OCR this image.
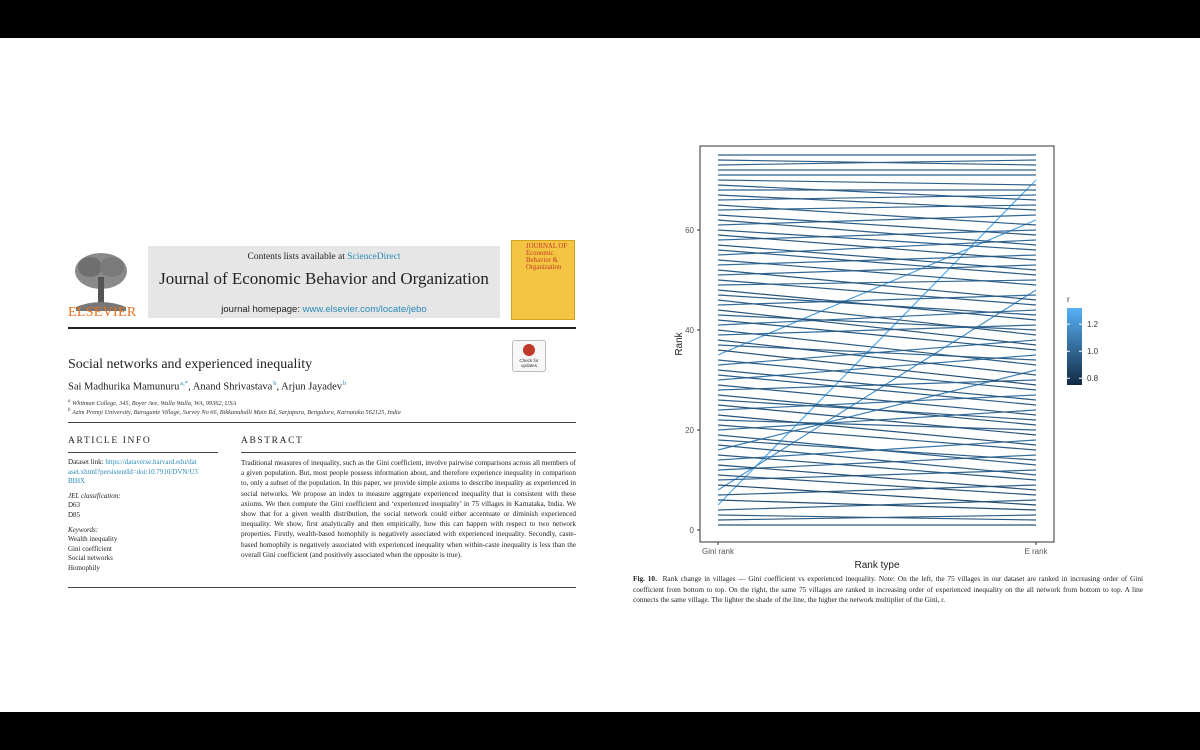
ELSEVIER
Contents lists available at ScienceDirect
Journal of Economic Behavior and Organization
journal homepage: www.elsevier.com/locate/jebo
JOURNAL OF Economic Behavior & Organization
Check for updates
Social networks and experienced inequality
Sai Madhurika Mamunuru $^{a,*}$, Anand Shrivastava $^b$, Arjun Jayadev $^b$
$^a$ Whitman College, 345, Boyer Ave, Walla Walla, WA, 99362, USA
$^b$ Azim Premji University, Burugunte Village, Survey No 66, Bikkanahalli Main Rd, Sarjapura, Bengaluru, Karnataka 562125, India
ARTICLE INFO	ABSTRACT
Dataset link: https://dataverse.harvard.edu/dat
aset.xhtml?persistentId=doi:10.7910/DVN/U3
BIHX
JEL classification:
D63
D85
Keywords:
Wealth inequality
Gini coefficient
Social networks
Homophily
Traditional measures of inequality, such as the Gini coefficient, involve pairwise comparisons across all members of a given population. But, most people possess information about, and therefore experience inequality in comparison to, only a subset of the population. In this paper, we provide simple axioms to describe inequality as experienced in social networks. We propose an index to measure aggregate experienced inequality that is consistent with these axioms. We then compute the Gini coefficient and ‘experienced inequality’ in 75 villages in Karnataka, India. We show that for a given wealth distribution, the social network could either accentuate or diminish experienced inequality. We show, first analytically and then empirically, how this can happen with respect to two network properties. Firstly, wealth-based homophily is negatively associated with experienced inequality. Secondly, caste-based homophily is negatively associated with experienced inequality when within-caste inequality is less than the overall Gini coefficient (and positively associated when the opposite is true).
0
20
40
60
Gini rank	E rank
Rank type
Rank
r
0.8
1.0
1.2
Fig. 10. Rank change in villages — Gini coefficient vs experienced inequality. Note: On the left, the 75 villages in our dataset are ranked in increasing order of Gini coefficient from bottom to top. On the right, the same 75 villages are ranked in increasing order of experienced inequality on the all network from bottom to top. A line connects the same village. The lighter the shade of the line, the higher the network multiplier of the Gini, r.
